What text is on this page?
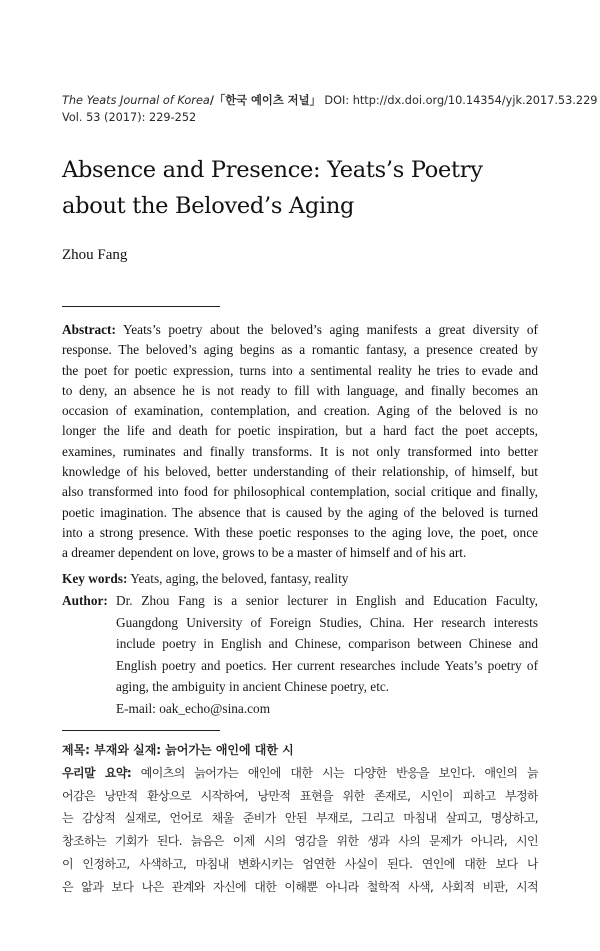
The Yeats Journal of Korea/「한국 예이츠 저널」 DOI: http://dx.doi.org/10.14354/yjk.2017.53.229
Vol. 53 (2017): 229-252
Absence and Presence: Yeats’s Poetry
about the Beloved’s Aging
Zhou Fang
Abstract: Yeats’s poetry about the beloved’s aging manifests a great diversity of
response. The beloved’s aging begins as a romantic fantasy, a presence created by
the poet for poetic expression, turns into a sentimental reality he tries to evade and
to deny, an absence he is not ready to fill with language, and finally becomes an
occasion of examination, contemplation, and creation. Aging of the beloved is no
longer the life and death for poetic inspiration, but a hard fact the poet accepts,
examines, ruminates and finally transforms. It is not only transformed into better
knowledge of his beloved, better understanding of their relationship, of himself, but
also transformed into food for philosophical contemplation, social critique and finally,
poetic imagination. The absence that is caused by the aging of the beloved is turned
into a strong presence. With these poetic responses to the aging love, the poet, once
a dreamer dependent on love, grows to be a master of himself and of his art.
Key words: Yeats, aging, the beloved, fantasy, reality
Author: Dr. Zhou Fang is a senior lecturer in English and Education Faculty,
Guangdong University of Foreign Studies, China. Her research interests
include poetry in English and Chinese, comparison between Chinese and
English poetry and poetics. Her current researches include Yeats’s poetry of
aging, the ambiguity in ancient Chinese poetry, etc.
E-mail: oak_echo@sina.com
제목: 부재와 실재: 늙어가는 애인에 대한 시
우리말 요약: 예이츠의 늙어가는 애인에 대한 시는 다양한 반응을 보인다. 애인의 늙
어감은 낭만적 환상으로 시작하여, 낭만적 표현을 위한 존재로, 시인이 피하고 부정하
는 감상적 실재로, 언어로 채울 준비가 안된 부재로, 그리고 마침내 살피고, 명상하고,
창조하는 기회가 된다. 늙음은 이제 시의 영감을 위한 생과 사의 문제가 아니라, 시인
이 인정하고, 사색하고, 마침내 변화시키는 엄연한 사실이 된다. 연인에 대한 보다 나
은 앎과 보다 나은 관계와 자신에 대한 이해뿐 아니라 철학적 사색, 사회적 비판, 시적
